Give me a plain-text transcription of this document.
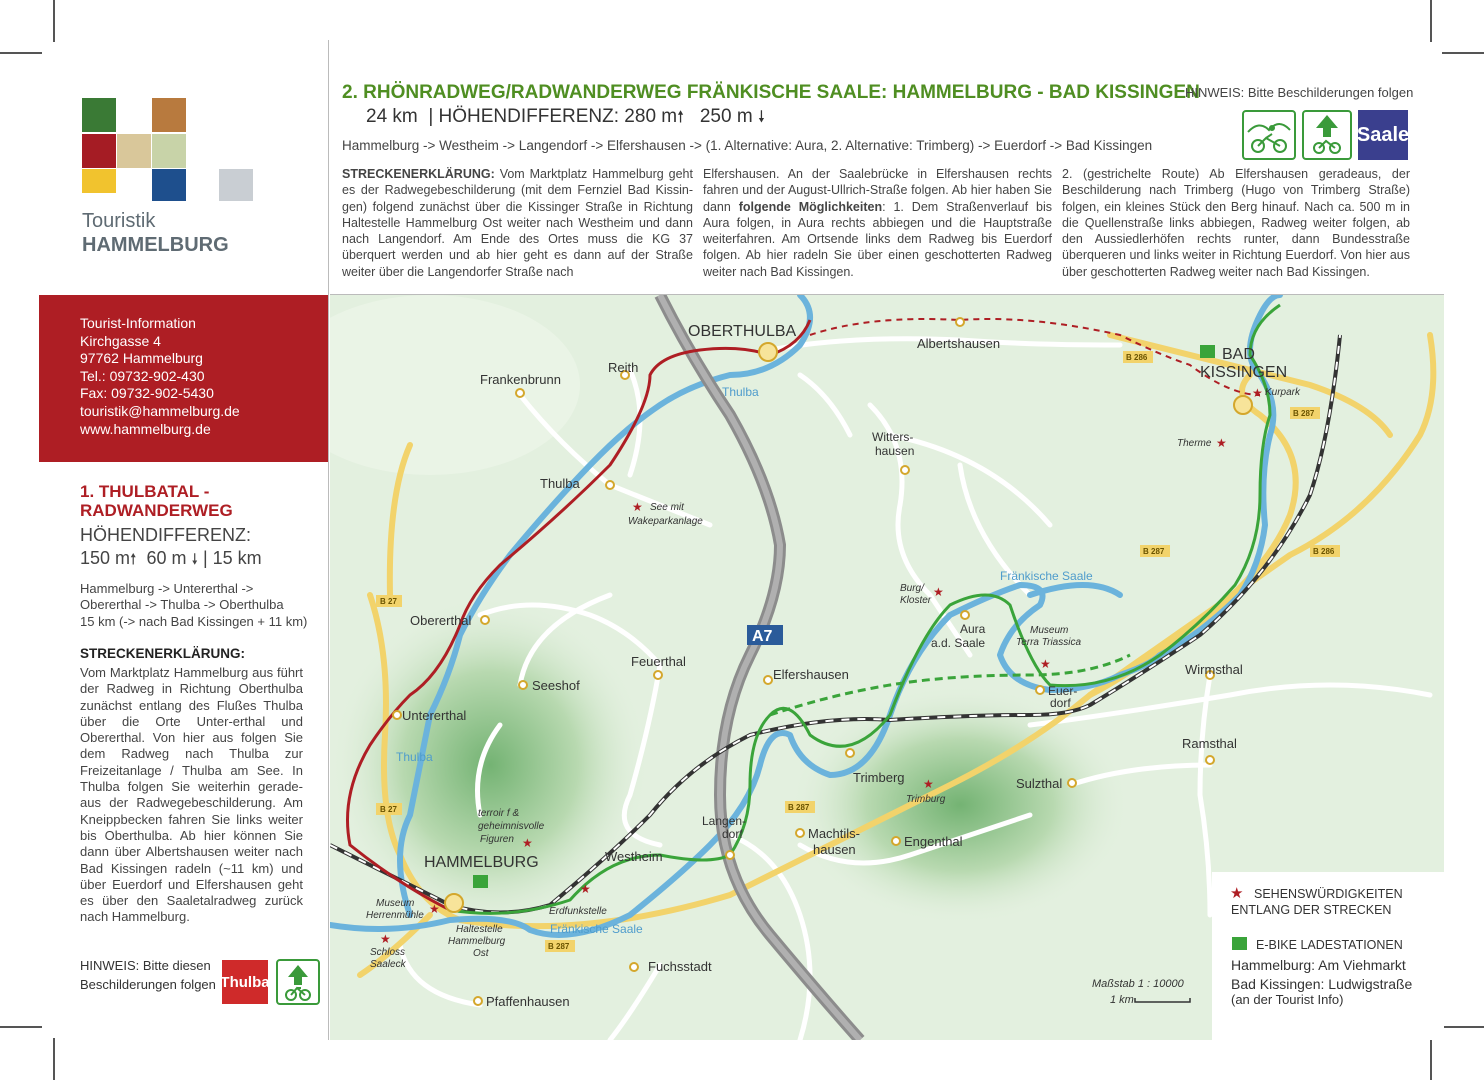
Touristik
HAMMELBURG
Tourist-Information
Kirchgasse 4
97762 Hammelburg
Tel.: 09732-902-430
Fax: 09732-902-5430
touristik@hammelburg.de
www.hammelburg.de
1. THULBATAL -
RADWANDERWEG
HÖHENDIFFERENZ:
150 m🠕 60 m 🠗 | 15 km
Hammelburg -> Untererthal ->
Obererthal -> Thulba -> Oberthulba
15 km (-> nach Bad Kissingen + 11 km)
STRECKENERKLÄRUNG:
Vom Marktplatz Hammelburg aus führt der Radweg in Richtung Oberthulba zunächst entlang des Flußes Thulba über die Orte Unter-erthal und Obererthal. Von hier aus folgen Sie dem Radweg nach Thulba zur Freizeitanlage / Thulba am See. In Thulba folgen Sie weiterhin gerade-aus der Radwegebeschilderung. Am Kneippbecken fahren Sie links weiter bis Oberthulba. Ab hier können Sie dann über Albertshausen weiter nach Bad Kissingen radeln (~11 km) und über Euerdorf und Elfershausen geht es über den Saaletalradweg zurück nach Hammelburg.
HINWEIS: Bitte diesen Beschilderungen folgen Thulba
2. RHÖNRADWEG/RADWANDERWEG FRÄNKISCHE SAALE: HAMMELBURG - BAD KISSINGEN
24 km | HÖHENDIFFERENZ: 280 m🠕 250 m 🠗
Hammelburg -> Westheim -> Langendorf -> Elfershausen -> (1. Alternative: Aura, 2. Alternative: Trimberg) -> Euerdorf -> Bad Kissingen
HINWEIS: Bitte Beschilderungen folgen
Saale
STRECKENERKLÄRUNG: Vom Marktplatz Hammelburg geht es der Radwegebeschilderung (mit dem Fernziel Bad Kissin-gen) folgend zunächst über die Kissinger Straße in Richtung Haltestelle Hammelburg Ost weiter nach Westheim und dann nach Langendorf. Am Ende des Ortes muss die KG 37 überquert werden und ab hier geht es dann auf der Straße weiter über die Langendorfer Straße nach
Elfershausen. An der Saalebrücke in Elfershausen rechts fahren und der August-Ullrich-Straße folgen. Ab hier haben Sie dann folgende Möglichkeiten: 1. Dem Straßenverlauf bis Aura folgen, in Aura rechts abbiegen und die Hauptstraße weiterfahren. Am Ortsende links dem Radweg bis Euerdorf folgen. Ab hier radeln Sie über einen geschotterten Radweg weiter nach Bad Kissingen.
2. (gestrichelte Route) Ab Elfershausen geradeaus, der Beschilderung nach Trimberg (Hugo von Trimberg Straße) folgen, ein kleines Stück den Berg hinauf. Nach ca. 500 m in die Quellenstraße links abbiegen, Radweg weiter folgen, ab den Aussiedlerhöfen rechts runter, dann Bundesstraße überqueren und links weiter in Richtung Euerdorf. Von hier aus über geschotterten Radweg weiter nach Bad Kissingen.
★
★
★
★
★
★
★
★
★
★
B 286
B 287
B 287	B 286
B 27
B 27	B 287
B 287
A7
Thulba
Thulba
Fränkische Saale
Fränkische Saale
OBERTHULBA
Albertshausen
Frankenbrunn
Reith
BAD
KISSINGEN
Kurpark
Therme
Witters-
hausen
Thulba
See mit
Wakeparkanlage
Burg/
Kloster
Aura
a.d. Saale
Museum
Terra Triassica
Obererthal
Feuerthal
Seeshof
Elfershausen
Euer-
dorf
Wirmsthal
Untererthal
Ramsthal
Trimberg
Trimburg
Sulzthal
Langen-
dorf
terroir f &
geheimnisvolle
Figuren	Machtils-
hausen
Engenthal
Westheim
HAMMELBURG
Museum
Herrenmühle
Haltestelle
Hammelburg
Ost
Erdfunkstelle
Schloss
Saaleck	Fuchsstadt
Pfaffenhausen
Maßstab 1 : 10000
1 km
★ SEHENSWÜRDIGKEITEN
ENTLANG DER STRECKEN
E-BIKE LADESTATIONEN
Hammelburg: Am Viehmarkt
Bad Kissingen: Ludwigstraße
(an der Tourist Info)
